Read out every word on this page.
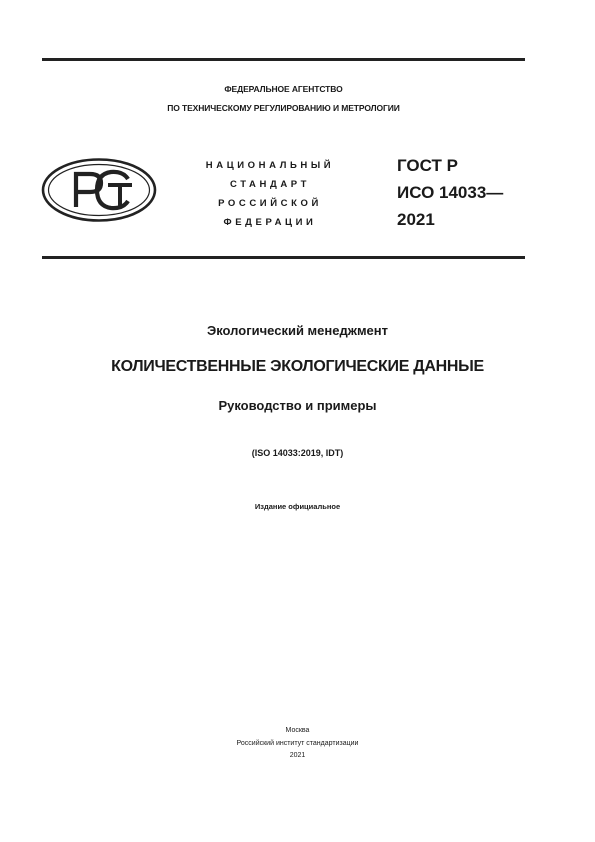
ФЕДЕРАЛЬНОЕ АГЕНТСТВО
ПО ТЕХНИЧЕСКОМУ РЕГУЛИРОВАНИЮ И МЕТРОЛОГИИ
НАЦИОНАЛЬНЫЙ
СТАНДАРТ
РОССИЙСКОЙ
ФЕДЕРАЦИИ
ГОСТ Р
ИСО 14033—
2021
Экологический менеджмент
КОЛИЧЕСТВЕННЫЕ ЭКОЛОГИЧЕСКИЕ ДАННЫЕ
Руководство и примеры
(ISO 14033:2019, IDT)
Издание официальное
Москва
Российский институт стандартизации
2021
